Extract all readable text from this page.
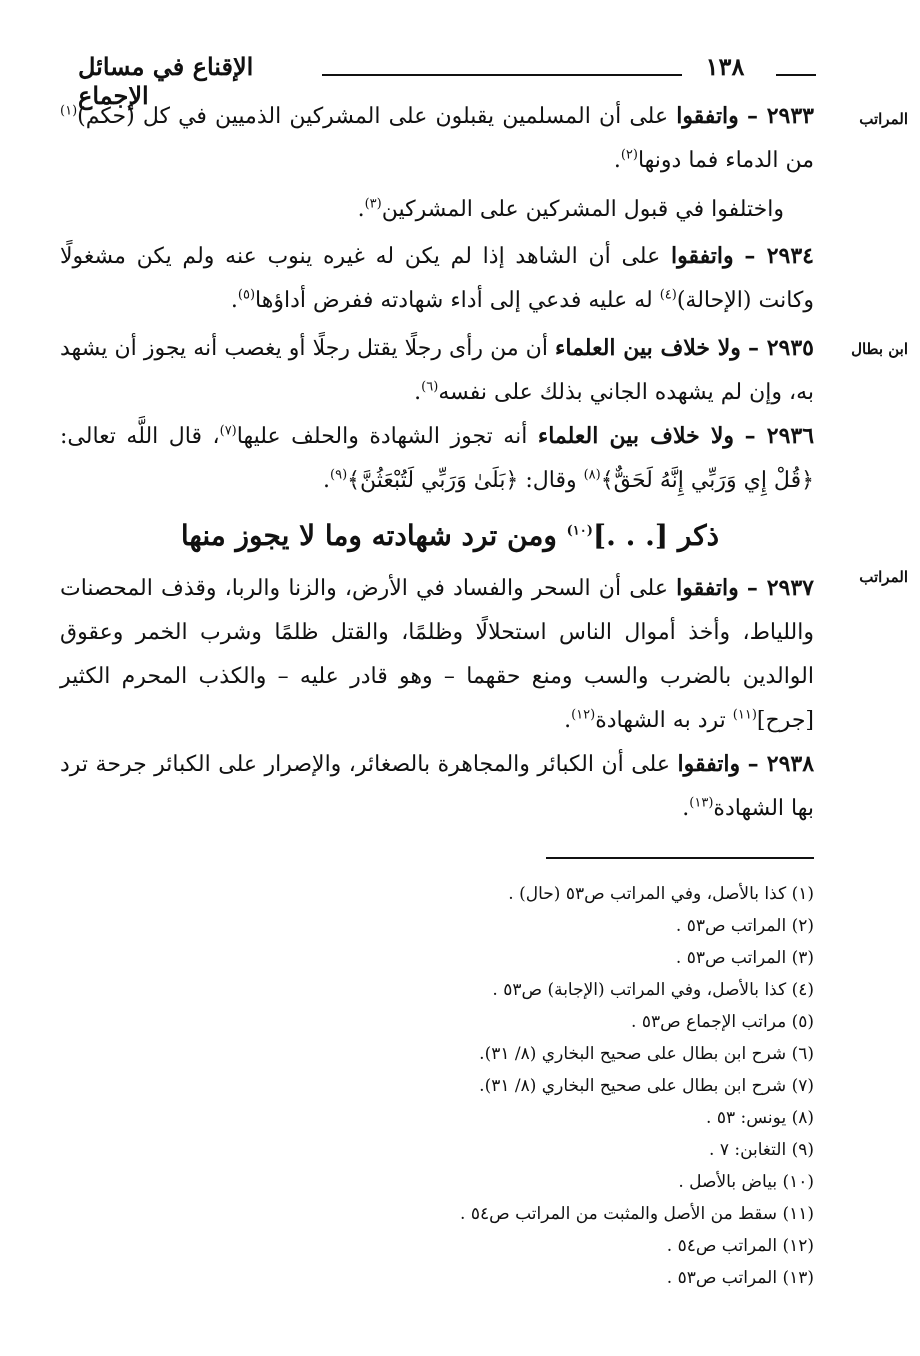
الإقناع في مسائل الإجماع
١٣٨
المراتب
ابن بطال
المراتب
٢٩٣٣ – واتفقوا على أن المسلمين يقبلون على المشركين الذميين في كل (حكم)$^{(١)}$ من الدماء فما دونها$^{(٢)}$.
واختلفوا في قبول المشركين على المشركين$^{(٣)}$.
٢٩٣٤ – واتفقوا على أن الشاهد إذا لم يكن له غيره ينوب عنه ولم يكن مشغولًا وكانت (الإحالة)$^{(٤)}$ له عليه فدعي إلى أداء شهادته ففرض أداؤها$^{(٥)}$.
٢٩٣٥ – ولا خلاف بين العلماء أن من رأى رجلًا يقتل رجلًا أو يغصب أنه يجوز أن يشهد به، وإن لم يشهده الجاني بذلك على نفسه$^{(٦)}$.
٢٩٣٦ – ولا خلاف بين العلماء أنه تجوز الشهادة والحلف عليها$^{(٧)}$، قال اللَّه تعالى: ﴿قُلْ إِي وَرَبِّي إِنَّهُ لَحَقٌّ﴾$^{(٨)}$ وقال: ﴿بَلَىٰ وَرَبِّي لَتُبْعَثُنَّ﴾$^{(٩)}$.
ذكر [. . .]$^{(١٠)}$ ومن ترد شهادته وما لا يجوز منها
٢٩٣٧ – واتفقوا على أن السحر والفساد في الأرض، والزنا والربا، وقذف المحصنات واللياط، وأخذ أموال الناس استحلالًا وظلمًا، والقتل ظلمًا وشرب الخمر وعقوق الوالدين بالضرب والسب ومنع حقهما – وهو قادر عليه – والكذب المحرم الكثير [جرح]$^{(١١)}$ ترد به الشهادة$^{(١٢)}$.
٢٩٣٨ – واتفقوا على أن الكبائر والمجاهرة بالصغائر، والإصرار على الكبائر جرحة ترد بها الشهادة$^{(١٣)}$.
(١) كذا بالأصل، وفي المراتب ص٥٣ (حال) .
(٢) المراتب ص٥٣ .
(٣) المراتب ص٥٣ .
(٤) كذا بالأصل، وفي المراتب (الإجابة) ص٥٣ .
(٥) مراتب الإجماع ص٥٣ .
(٦) شرح ابن بطال على صحيح البخاري (٨/ ٣١).
(٧) شرح ابن بطال على صحيح البخاري (٨/ ٣١).
(٨) يونس: ٥٣ .
(٩) التغابن: ٧ .
(١٠) بياض بالأصل .
(١١) سقط من الأصل والمثبت من المراتب ص٥٤ .
(١٢) المراتب ص٥٤ .
(١٣) المراتب ص٥٣ .
